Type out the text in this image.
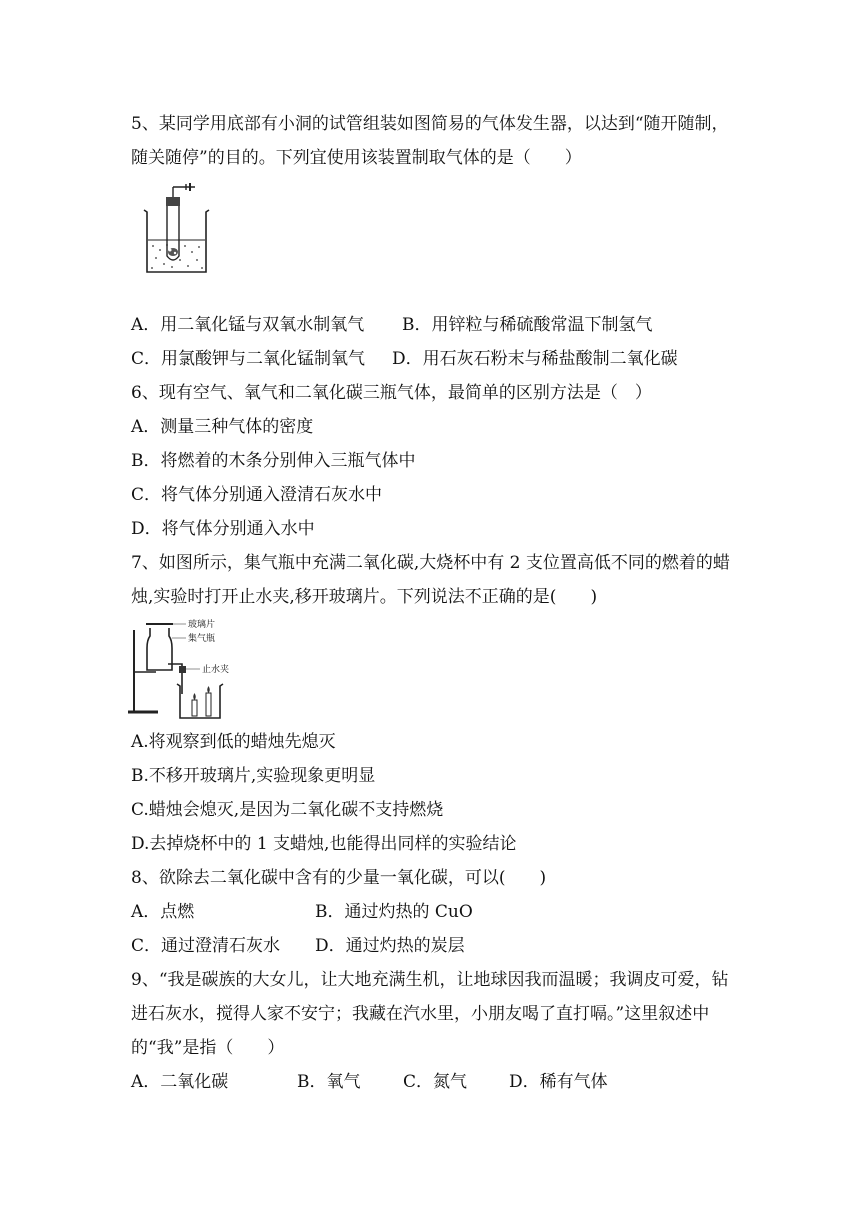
5、某同学用底部有小洞的试管组装如图简易的气体发生器，以达到“随开随制，
随关随停”的目的。下列宜使用该装置制取气体的是（　　）
A．用二氧化锰与双氧水制氧气 B．用锌粒与稀硫酸常温下制氢气
C．用氯酸钾与二氧化锰制氧气 D．用石灰石粉末与稀盐酸制二氧化碳
6、现有空气、氧气和二氧化碳三瓶气体，最简单的区别方法是（　）
A．测量三种气体的密度
B．将燃着的木条分别伸入三瓶气体中
C．将气体分别通入澄清石灰水中
D．将气体分别通入水中
7、如图所示，集气瓶中充满二氧化碳,大烧杯中有 2 支位置高低不同的燃着的蜡
烛,实验时打开止水夹,移开玻璃片。下列说法不正确的是(　　)
玻璃片
集气瓶
止水夹
A.将观察到低的蜡烛先熄灭
B.不移开玻璃片,实验现象更明显
C.蜡烛会熄灭,是因为二氧化碳不支持燃烧
D.去掉烧杯中的 1 支蜡烛,也能得出同样的实验结论
8、欲除去二氧化碳中含有的少量一氧化碳，可以(　　)
A．点燃	B．通过灼热的 CuO
C．通过澄清石灰水 D．通过灼热的炭层
9、“我是碳族的大女儿，让大地充满生机，让地球因我而温暖；我调皮可爱，钻
进石灰水，搅得人家不安宁；我藏在汽水里，小朋友喝了直打嗝。”这里叙述中
的“我”是指（　　）
A．二氧化碳	B．氧气	C．氮气 D．稀有气体
